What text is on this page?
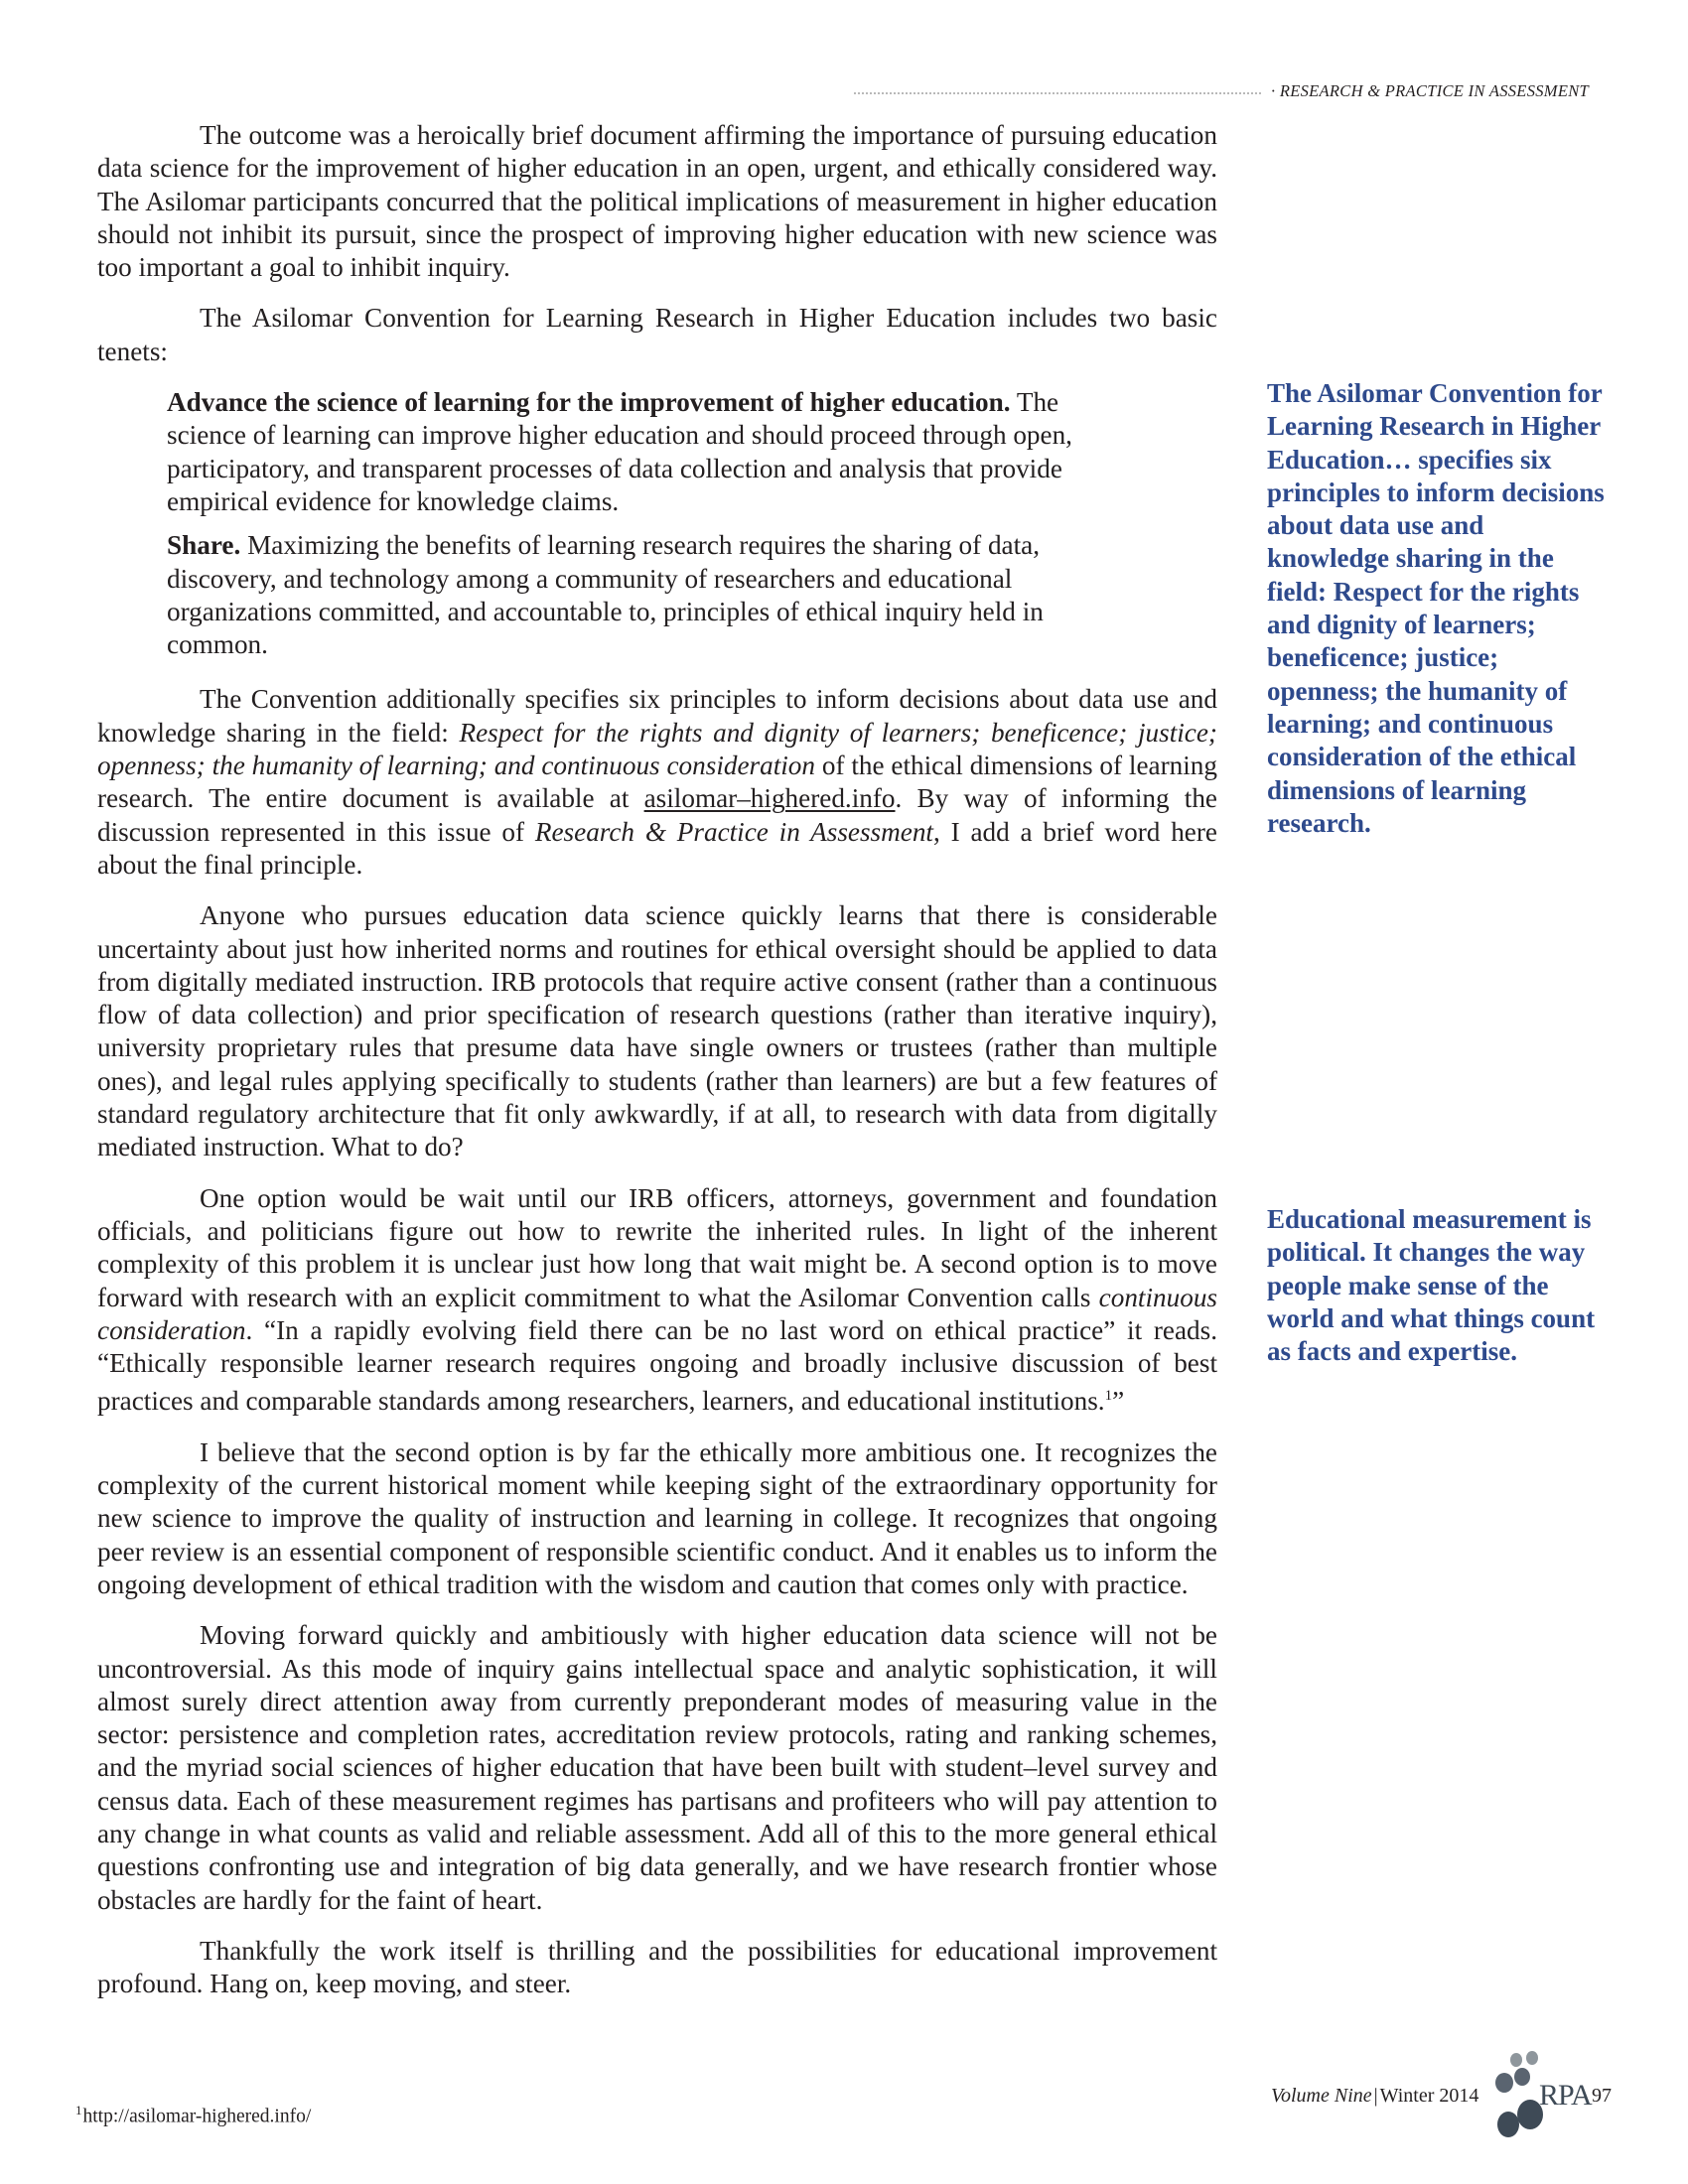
· RESEARCH & PRACTICE IN ASSESSMENT

The outcome was a heroically brief document affirming the importance of pursuing education data science for the improvement of higher education in an open, urgent, and ethically considered way. The Asilomar participants concurred that the political implications of measurement in higher education should not inhibit its pursuit, since the prospect of improving higher education with new science was too important a goal to inhibit inquiry.

The Asilomar Convention for Learning Research in Higher Education includes two basic tenets:

Advance the science of learning for the improvement of higher education. The science of learning can improve higher education and should proceed through open, participatory, and transparent processes of data collection and analysis that provide empirical evidence for knowledge claims.

Share. Maximizing the benefits of learning research requires the sharing of data, discovery, and technology among a community of researchers and educational organizations committed, and accountable to, principles of ethical inquiry held in common.

The Convention additionally specifies six principles to inform decisions about data use and knowledge sharing in the field: Respect for the rights and dignity of learners; beneficence; justice; openness; the humanity of learning; and continuous consideration of the ethical dimensions of learning research. The entire document is available at asilomar–highered.info. By way of informing the discussion represented in this issue of Research & Practice in Assessment, I add a brief word here about the final principle.

Anyone who pursues education data science quickly learns that there is considerable uncertainty about just how inherited norms and routines for ethical oversight should be applied to data from digitally mediated instruction. IRB protocols that require active consent (rather than a continuous flow of data collection) and prior specification of research questions (rather than iterative inquiry), university proprietary rules that presume data have single owners or trustees (rather than multiple ones), and legal rules applying specifically to students (rather than learners) are but a few features of standard regulatory architecture that fit only awkwardly, if at all, to research with data from digitally mediated instruction. What to do?

One option would be wait until our IRB officers, attorneys, government and foundation officials, and politicians figure out how to rewrite the inherited rules. In light of the inherent complexity of this problem it is unclear just how long that wait might be. A second option is to move forward with research with an explicit commitment to what the Asilomar Convention calls continuous consideration. “In a rapidly evolving field there can be no last word on ethical practice” it reads. “Ethically responsible learner research requires ongoing and broadly inclusive discussion of best practices and comparable standards among researchers, learners, and educational institutions.$^1$”

I believe that the second option is by far the ethically more ambitious one. It recognizes the complexity of the current historical moment while keeping sight of the extraordinary opportunity for new science to improve the quality of instruction and learning in college. It recognizes that ongoing peer review is an essential component of responsible scientific conduct. And it enables us to inform the ongoing development of ethical tradition with the wisdom and caution that comes only with practice.

Moving forward quickly and ambitiously with higher education data science will not be uncontroversial. As this mode of inquiry gains intellectual space and analytic sophistication, it will almost surely direct attention away from currently preponderant modes of measuring value in the sector: persistence and completion rates, accreditation review protocols, rating and ranking schemes, and the myriad social sciences of higher education that have been built with student–level survey and census data. Each of these measurement regimes has partisans and profiteers who will pay attention to any change in what counts as valid and reliable assessment. Add all of this to the more general ethical questions confronting use and integration of big data generally, and we have research frontier whose obstacles are hardly for the faint of heart.

Thankfully the work itself is thrilling and the possibilities for educational improvement profound. Hang on, keep moving, and steer.

The Asilomar Convention for Learning Research in Higher Education… specifies six principles to inform decisions about data use and knowledge sharing in the field: Respect for the rights and dignity of learners; beneficence; justice; openness; the humanity of learning; and continuous consideration of the ethical dimensions of learning research.

Educational measurement is political. It changes the way people make sense of the world and what things count as facts and expertise.

$^1$http://asilomar-highered.info/
Volume Nine | Winter 2014 RPA 97
